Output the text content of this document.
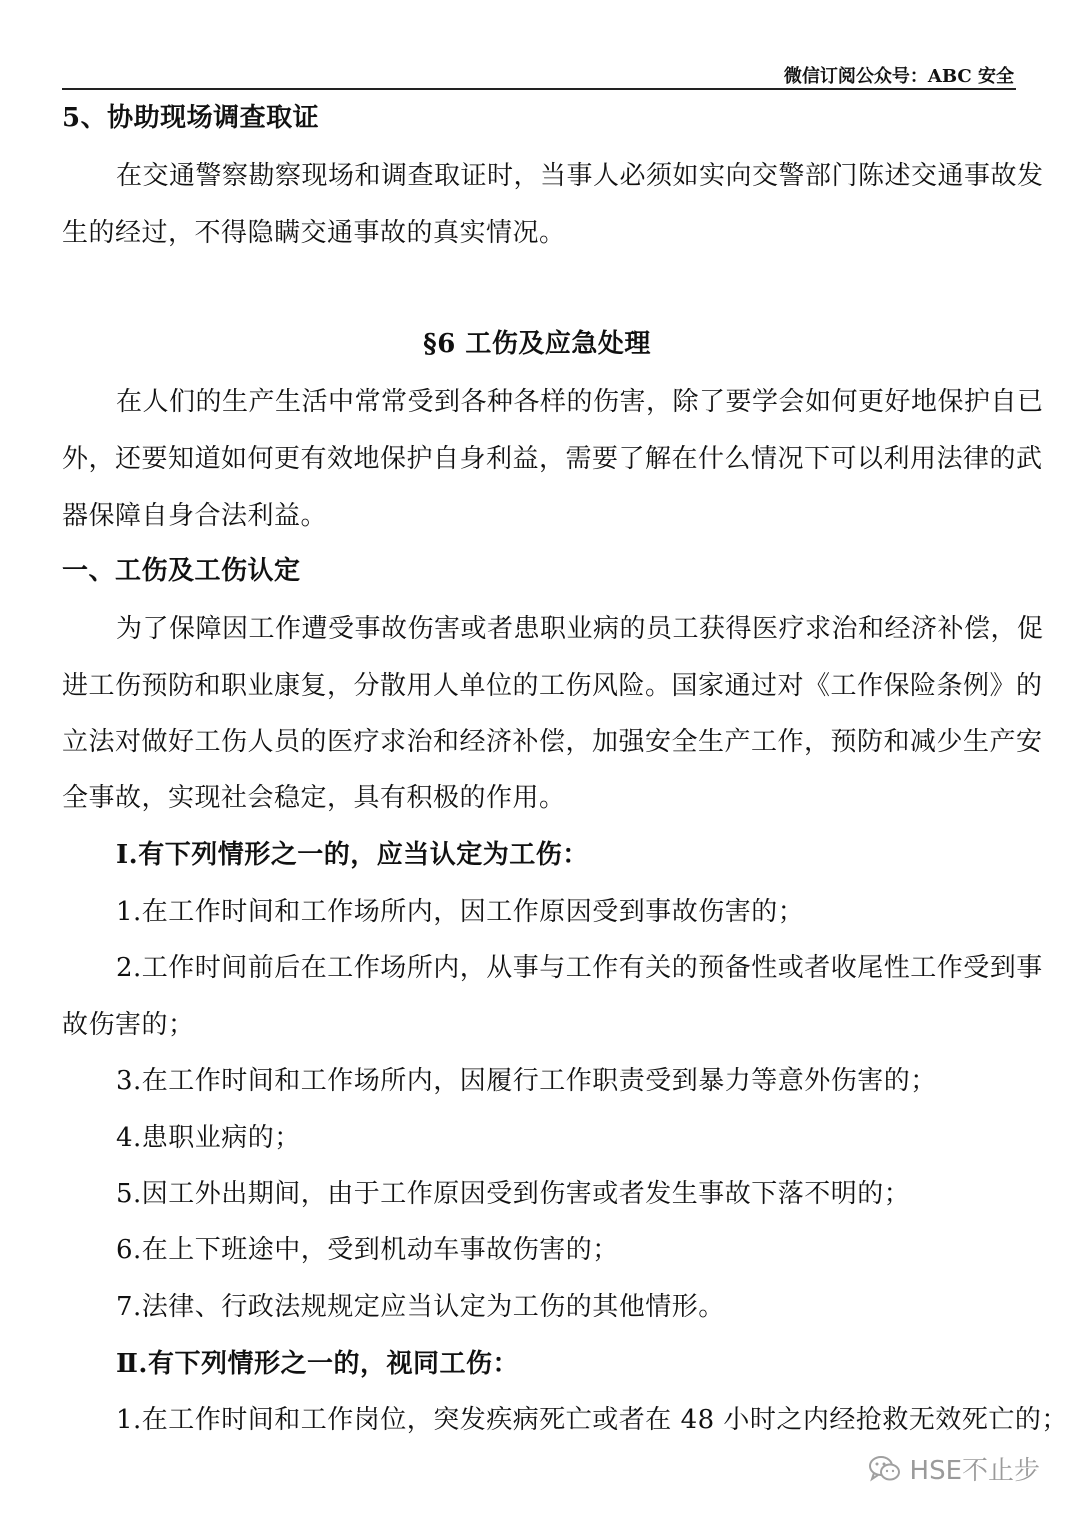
微信订阅公众号：ABC 安全
5、协助现场调查取证
在交通警察勘察现场和调查取证时，当事人必须如实向交警部门陈述交通事故发
生的经过，不得隐瞒交通事故的真实情况。
§6 工伤及应急处理
在人们的生产生活中常常受到各种各样的伤害，除了要学会如何更好地保护自已
外，还要知道如何更有效地保护自身利益，需要了解在什么情况下可以利用法律的武
器保障自身合法利益。
一、工伤及工伤认定
为了保障因工作遭受事故伤害或者患职业病的员工获得医疗求治和经济补偿，促
进工伤预防和职业康复，分散用人单位的工伤风险。国家通过对《工作保险条例》的
立法对做好工伤人员的医疗求治和经济补偿，加强安全生产工作，预防和减少生产安
全事故，实现社会稳定，具有积极的作用。
Ⅰ.有下列情形之一的，应当认定为工伤：
1.在工作时间和工作场所内，因工作原因受到事故伤害的；
2.工作时间前后在工作场所内，从事与工作有关的预备性或者收尾性工作受到事
故伤害的；
3.在工作时间和工作场所内，因履行工作职责受到暴力等意外伤害的；
4.患职业病的；
5.因工外出期间，由于工作原因受到伤害或者发生事故下落不明的；
6.在上下班途中，受到机动车事故伤害的；
7.法律、行政法规规定应当认定为工伤的其他情形。
Ⅱ.有下列情形之一的，视同工伤：
1.在工作时间和工作岗位，突发疾病死亡或者在 48 小时之内经抢救无效死亡的；
HSE不止步
